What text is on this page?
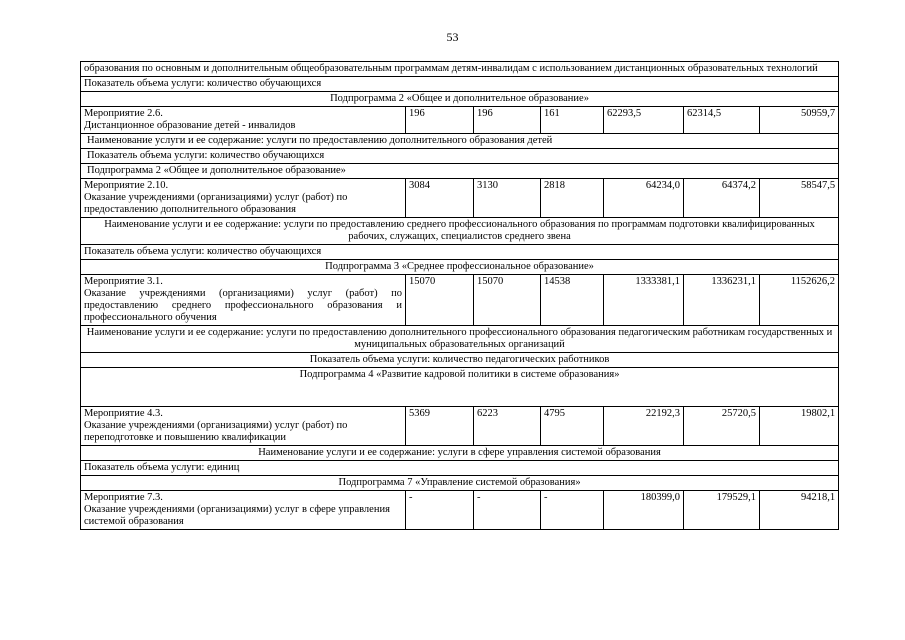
53
образования по основным и дополнительным общеобразовательным программам детям-инвалидам с использованием дистанционных образовательных технологий						
Показатель объема услуги: количество обучающихся						
Подпрограмма 2 «Общее и дополнительное образование»						

Мероприятие 2.6.
Дистанционное образование детей - инвалидов	196	196	161	62293,5	62314,5	50959,7
Наименование услуги и ее содержание: услуги по предоставлению дополнительного образования детей						
Показатель объема услуги: количество обучающихся						
Подпрограмма 2 «Общее и дополнительное образование»						

Мероприятие 2.10.
Оказание учреждениями (организациями) услуг (работ) по предоставлению дополнительного образования	3084	3130	2818	64234,0	64374,2	58547,5
Наименование услуги и ее содержание: услуги по предоставлению среднего профессионального образования по программам подготовки квалифицированных рабочих, служащих, специалистов среднего звена						
Показатель объема услуги: количество обучающихся						
Подпрограмма 3 «Среднее профессиональное образование»						

Мероприятие 3.1.
Оказание учреждениями (организациями) услуг (работ) по предоставлению среднего профессионального образования и профессионального обучения	15070	15070	14538	1333381,1	1336231,1	1152626,2
Наименование услуги и ее содержание: услуги по предоставлению дополнительного профессионального образования педагогическим работникам государственных и муниципальных образовательных организаций						
Показатель объема услуги: количество педагогических работников						
Подпрограмма 4 «Развитие кадровой политики в системе образования»						

Мероприятие 4.3.
Оказание учреждениями (организациями) услуг (работ) по переподготовке и повышению квалификации	5369	6223	4795	22192,3	25720,5	19802,1
Наименование услуги и ее содержание: услуги в сфере управления системой образования						
Показатель объема услуги: единиц						
Подпрограмма 7 «Управление системой образования»						

Мероприятие 7.3.
Оказание учреждениями (организациями) услуг в сфере управления системой образования	-	-	-	180399,0	179529,1	94218,1
